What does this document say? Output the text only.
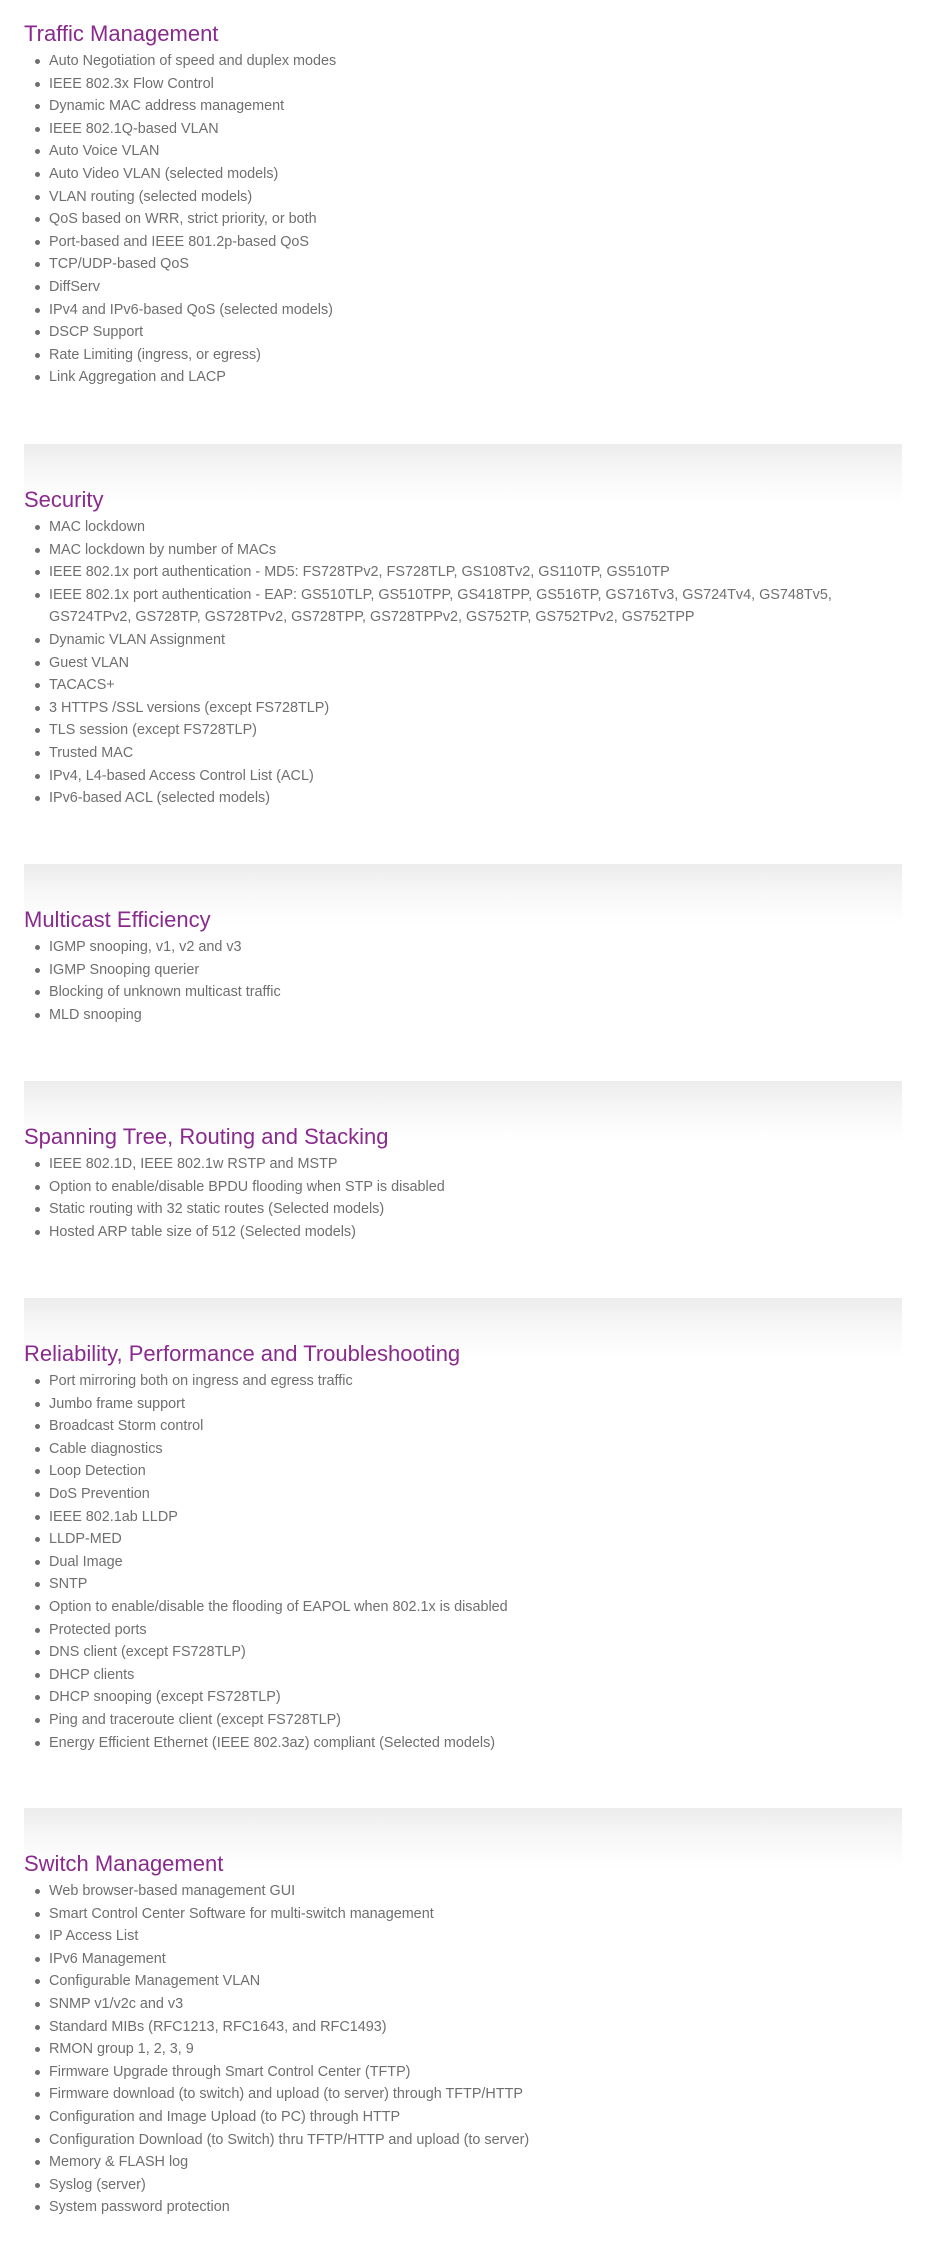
Traffic Management
Auto Negotiation of speed and duplex modes
IEEE 802.3x Flow Control
Dynamic MAC address management
IEEE 802.1Q-based VLAN
Auto Voice VLAN
Auto Video VLAN (selected models)
VLAN routing (selected models)
QoS based on WRR, strict priority, or both
Port-based and IEEE 801.2p-based QoS
TCP/UDP-based QoS
DiffServ
IPv4 and IPv6-based QoS (selected models)
DSCP Support
Rate Limiting (ingress, or egress)
Link Aggregation and LACP
Security
MAC lockdown
MAC lockdown by number of MACs
IEEE 802.1x port authentication - MD5: FS728TPv2, FS728TLP, GS108Tv2, GS110TP, GS510TP
IEEE 802.1x port authentication - EAP: GS510TLP, GS510TPP, GS418TPP, GS516TP, GS716Tv3, GS724Tv4, GS748Tv5, GS724TPv2, GS728TP, GS728TPv2, GS728TPP, GS728TPPv2, GS752TP, GS752TPv2, GS752TPP
Dynamic VLAN Assignment
Guest VLAN
TACACS+
3 HTTPS /SSL versions (except FS728TLP)
TLS session (except FS728TLP)
Trusted MAC
IPv4, L4-based Access Control List (ACL)
IPv6-based ACL (selected models)
Multicast Efficiency
IGMP snooping, v1, v2 and v3
IGMP Snooping querier
Blocking of unknown multicast traffic
MLD snooping
Spanning Tree, Routing and Stacking
IEEE 802.1D, IEEE 802.1w RSTP and MSTP
Option to enable/disable BPDU flooding when STP is disabled
Static routing with 32 static routes (Selected models)
Hosted ARP table size of 512 (Selected models)
Reliability, Performance and Troubleshooting
Port mirroring both on ingress and egress traffic
Jumbo frame support
Broadcast Storm control
Cable diagnostics
Loop Detection
DoS Prevention
IEEE 802.1ab LLDP
LLDP-MED
Dual Image
SNTP
Option to enable/disable the flooding of EAPOL when 802.1x is disabled
Protected ports
DNS client (except FS728TLP)
DHCP clients
DHCP snooping (except FS728TLP)
Ping and traceroute client (except FS728TLP)
Energy Efficient Ethernet (IEEE 802.3az) compliant (Selected models)
Switch Management
Web browser-based management GUI
Smart Control Center Software for multi-switch management
IP Access List
IPv6 Management
Configurable Management VLAN
SNMP v1/v2c and v3
Standard MIBs (RFC1213, RFC1643, and RFC1493)
RMON group 1, 2, 3, 9
Firmware Upgrade through Smart Control Center (TFTP)
Firmware download (to switch) and upload (to server) through TFTP/HTTP
Configuration and Image Upload (to PC) through HTTP
Configuration Download (to Switch) thru TFTP/HTTP and upload (to server)
Memory & FLASH log
Syslog (server)
System password protection
